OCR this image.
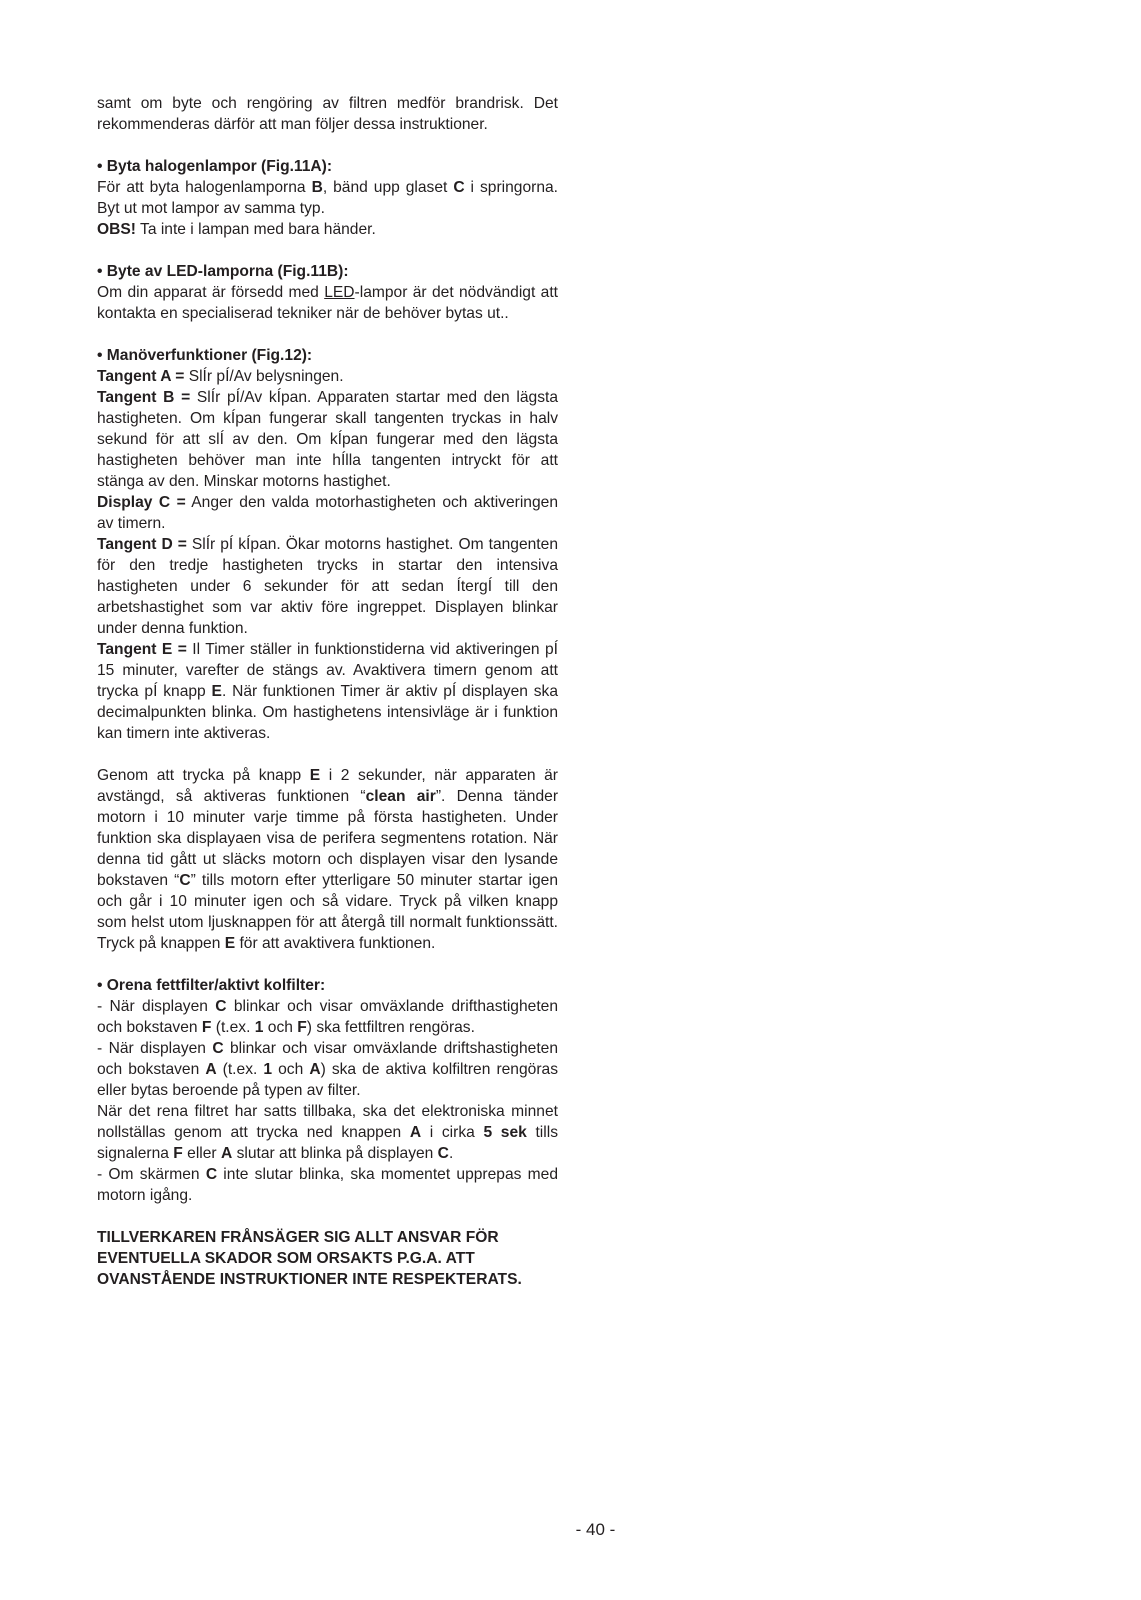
samt om byte och rengöring av filtren medför brandrisk. Det rekommenderas därför att man följer dessa instruktioner.

• Byta halogenlampor (Fig.11A):

För att byta halogenlamporna B, bänd upp glaset C i springorna. Byt ut mot lampor av samma typ.

OBS! Ta inte i lampan med bara händer.

• Byte av LED-lamporna (Fig.11B):

Om din apparat är försedd med LED-lampor är det nödvändigt att kontakta en specialiserad tekniker när de behöver bytas ut..

• Manöverfunktioner (Fig.12):

Tangent A = SlÍr pÍ/Av belysningen.

Tangent B = SlÍr pÍ/Av kÍpan. Apparaten startar med den lägsta hastigheten. Om kÍpan fungerar skall tangenten tryckas in halv sekund för att slÍ av den. Om kÍpan fungerar med den lägsta hastigheten behöver man inte hÍlla tangenten intryckt för att stänga av den. Minskar motorns hastighet.

Display C = Anger den valda motorhastigheten och aktiveringen av timern.

Tangent D = SlÍr pÍ kÍpan. Ökar motorns hastighet. Om tangenten för den tredje hastigheten trycks in startar den intensiva hastigheten under 6 sekunder för att sedan ÍtergÍ till den arbetshastighet som var aktiv före ingreppet. Displayen blinkar under denna funktion.

Tangent E = Il Timer ställer in funktionstiderna vid aktiveringen pÍ 15 minuter, varefter de stängs av. Avaktivera timern genom att trycka pÍ knapp E. När funktionen Timer är aktiv pÍ displayen ska decimalpunkten blinka. Om hastighetens intensivläge är i funktion kan timern inte aktiveras.

Genom att trycka på knapp E i 2 sekunder, när apparaten är avstängd, så aktiveras funktionen “clean air”. Denna tänder motorn i 10 minuter varje timme på första hastigheten. Under funktion ska displayaen visa de perifera segmentens rotation. När denna tid gått ut släcks motorn och displayen visar den lysande bokstaven “C” tills motorn efter ytterligare 50 minuter startar igen och går i 10 minuter igen och så vidare. Tryck på vilken knapp som helst utom ljusknappen för att återgå till normalt funktionssätt. Tryck på knappen E för att avaktivera funktionen.

• Orena fettfilter/aktivt kolfilter:

- När displayen C blinkar och visar omväxlande drifthastigheten och bokstaven F (t.ex. 1 och F) ska fettfiltren rengöras.

- När displayen C blinkar och visar omväxlande driftshastigheten och bokstaven A (t.ex. 1 och A) ska de aktiva kolfiltren rengöras eller bytas beroende på typen av filter.

När det rena filtret har satts tillbaka, ska det elektroniska minnet nollställas genom att trycka ned knappen A i cirka 5 sek tills signalerna F eller A slutar att blinka på displayen C.

- Om skärmen C inte slutar blinka, ska momentet upprepas med motorn igång.

TILLVERKAREN FRÅNSÄGER SIG ALLT ANSVAR FÖR EVENTUELLA SKADOR SOM ORSAKTS P.G.A. ATT OVANSTÅENDE INSTRUKTIONER INTE RESPEKTERATS.

- 40 -
